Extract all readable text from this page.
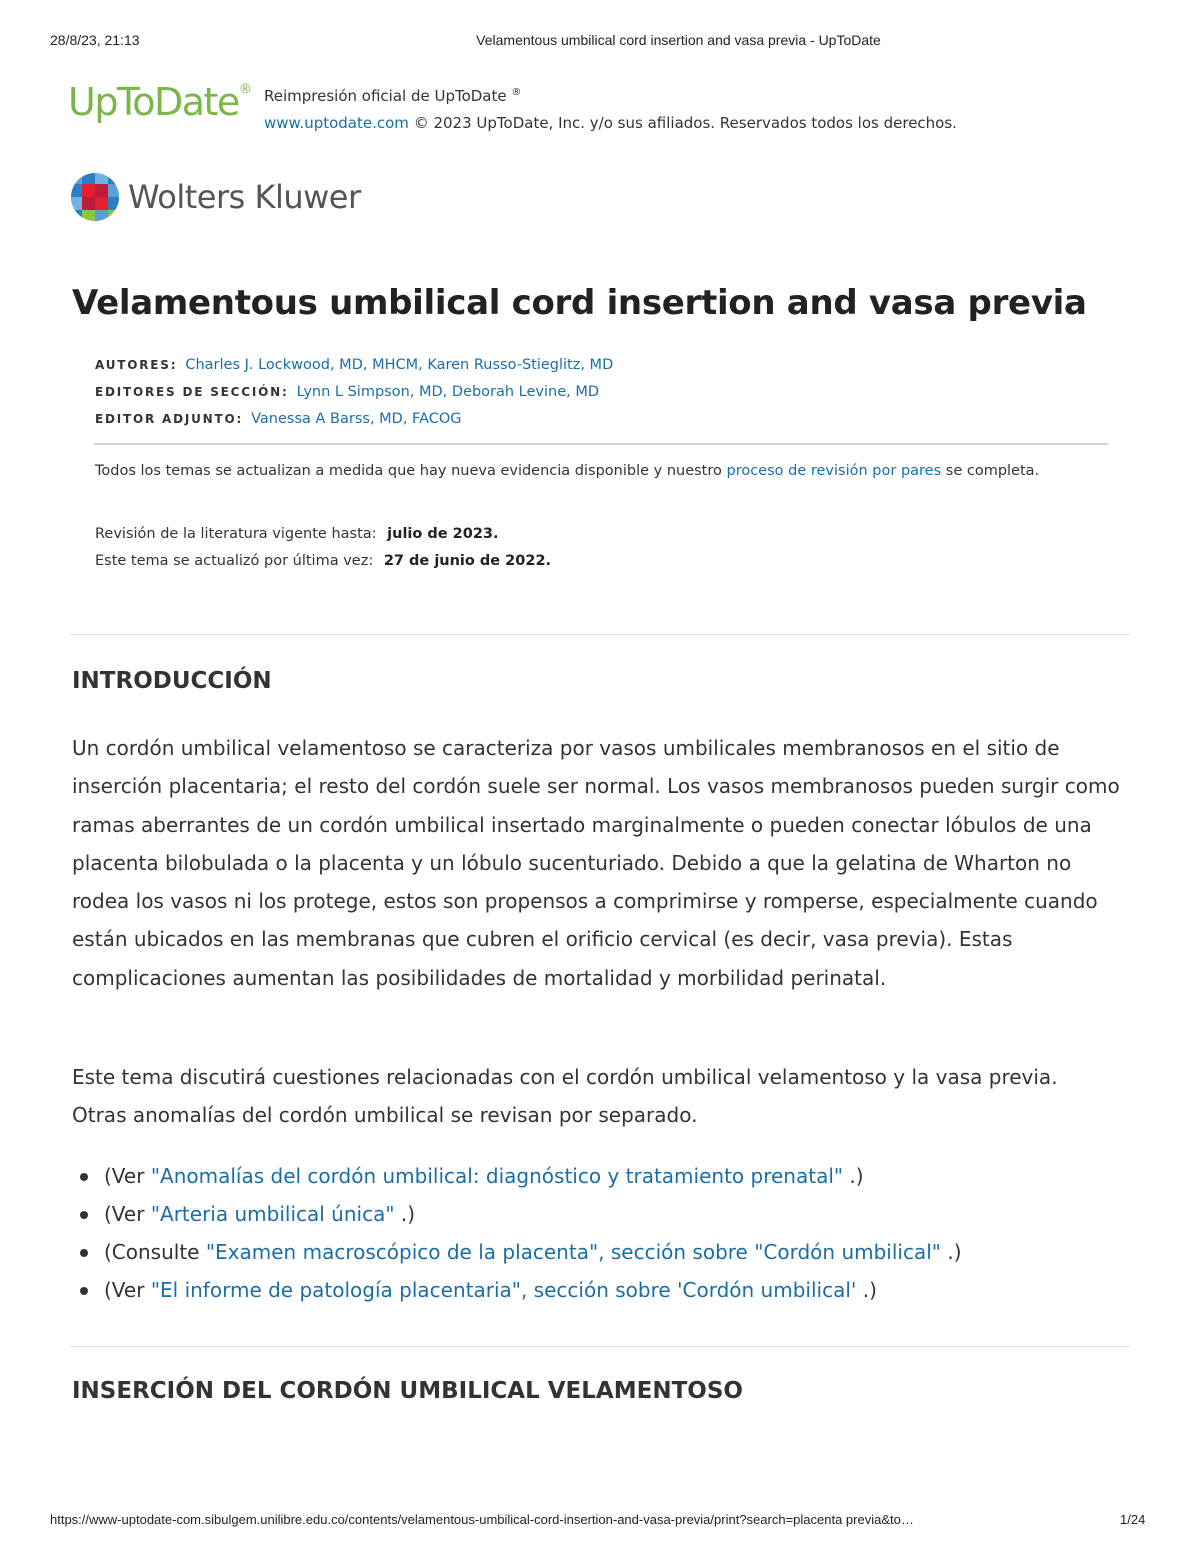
28/8/23, 21:13	Velamentous umbilical cord insertion and vasa previa - UpToDate
UpToDate® Reimpresión oficial de UpToDate ®
www.uptodate.com © 2023 UpToDate, Inc. y/o sus afiliados. Reservados todos los derechos.
Wolters Kluwer
Velamentous umbilical cord insertion and vasa previa
AUTORES: Charles J. Lockwood, MD, MHCM, Karen Russo-Stieglitz, MD
EDITORES DE SECCIÓN: Lynn L Simpson, MD, Deborah Levine, MD
EDITOR ADJUNTO: Vanessa A Barss, MD, FACOG
Todos los temas se actualizan a medida que hay nueva evidencia disponible y nuestro proceso de revisión por pares se completa.
Revisión de la literatura vigente hasta: julio de 2023.
Este tema se actualizó por última vez: 27 de junio de 2022.
INTRODUCCIÓN
Un cordón umbilical velamentoso se caracteriza por vasos umbilicales membranosos en el sitio de inserción placentaria; el resto del cordón suele ser normal. Los vasos membranosos pueden surgir como ramas aberrantes de un cordón umbilical insertado marginalmente o pueden conectar lóbulos de una placenta bilobulada o la placenta y un lóbulo sucenturiado. Debido a que la gelatina de Wharton no rodea los vasos ni los protege, estos son propensos a comprimirse y romperse, especialmente cuando están ubicados en las membranas que cubren el orificio cervical (es decir, vasa previa). Estas complicaciones aumentan las posibilidades de mortalidad y morbilidad perinatal.
Este tema discutirá cuestiones relacionadas con el cordón umbilical velamentoso y la vasa previa. Otras anomalías del cordón umbilical se revisan por separado.
(Ver "Anomalías del cordón umbilical: diagnóstico y tratamiento prenatal" .)
(Ver "Arteria umbilical única" .)
(Consulte "Examen macroscópico de la placenta", sección sobre "Cordón umbilical" .)
(Ver "El informe de patología placentaria", sección sobre 'Cordón umbilical' .)
INSERCIÓN DEL CORDÓN UMBILICAL VELAMENTOSO
https://www-uptodate-com.sibulgem.unilibre.edu.co/contents/velamentous-umbilical-cord-insertion-and-vasa-previa/print?search=placenta previa&to…	1/24
